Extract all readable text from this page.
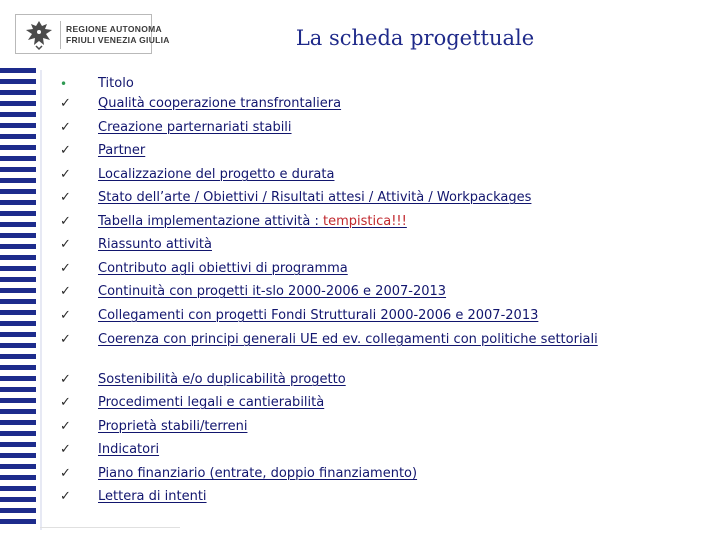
REGIONE AUTONOMA
FRIULI VENEZIA GIULIA	La scheda progettuale
•	Titolo
✓ Qualità cooperazione transfrontaliera
✓ Creazione parternariati stabili
✓ Partner
✓ Localizzazione del progetto e durata
✓ Stato dell’arte / Obiettivi / Risultati attesi / Attività / Workpackages
✓ Tabella implementazione attività : tempistica!!!
✓ Riassunto attività
✓ Contributo agli obiettivi di programma
✓ Continuità con progetti it-slo 2000-2006 e 2007-2013
✓ Collegamenti con progetti Fondi Strutturali 2000-2006 e 2007-2013
✓ Coerenza con principi generali UE ed ev. collegamenti con politiche settoriali
✓ Sostenibilità e/o duplicabilità progetto
✓ Procedimenti legali e cantierabilità
✓ Proprietà stabili/terreni
✓ Indicatori
✓ Piano finanziario (entrate, doppio finanziamento)
✓ Lettera di intenti
